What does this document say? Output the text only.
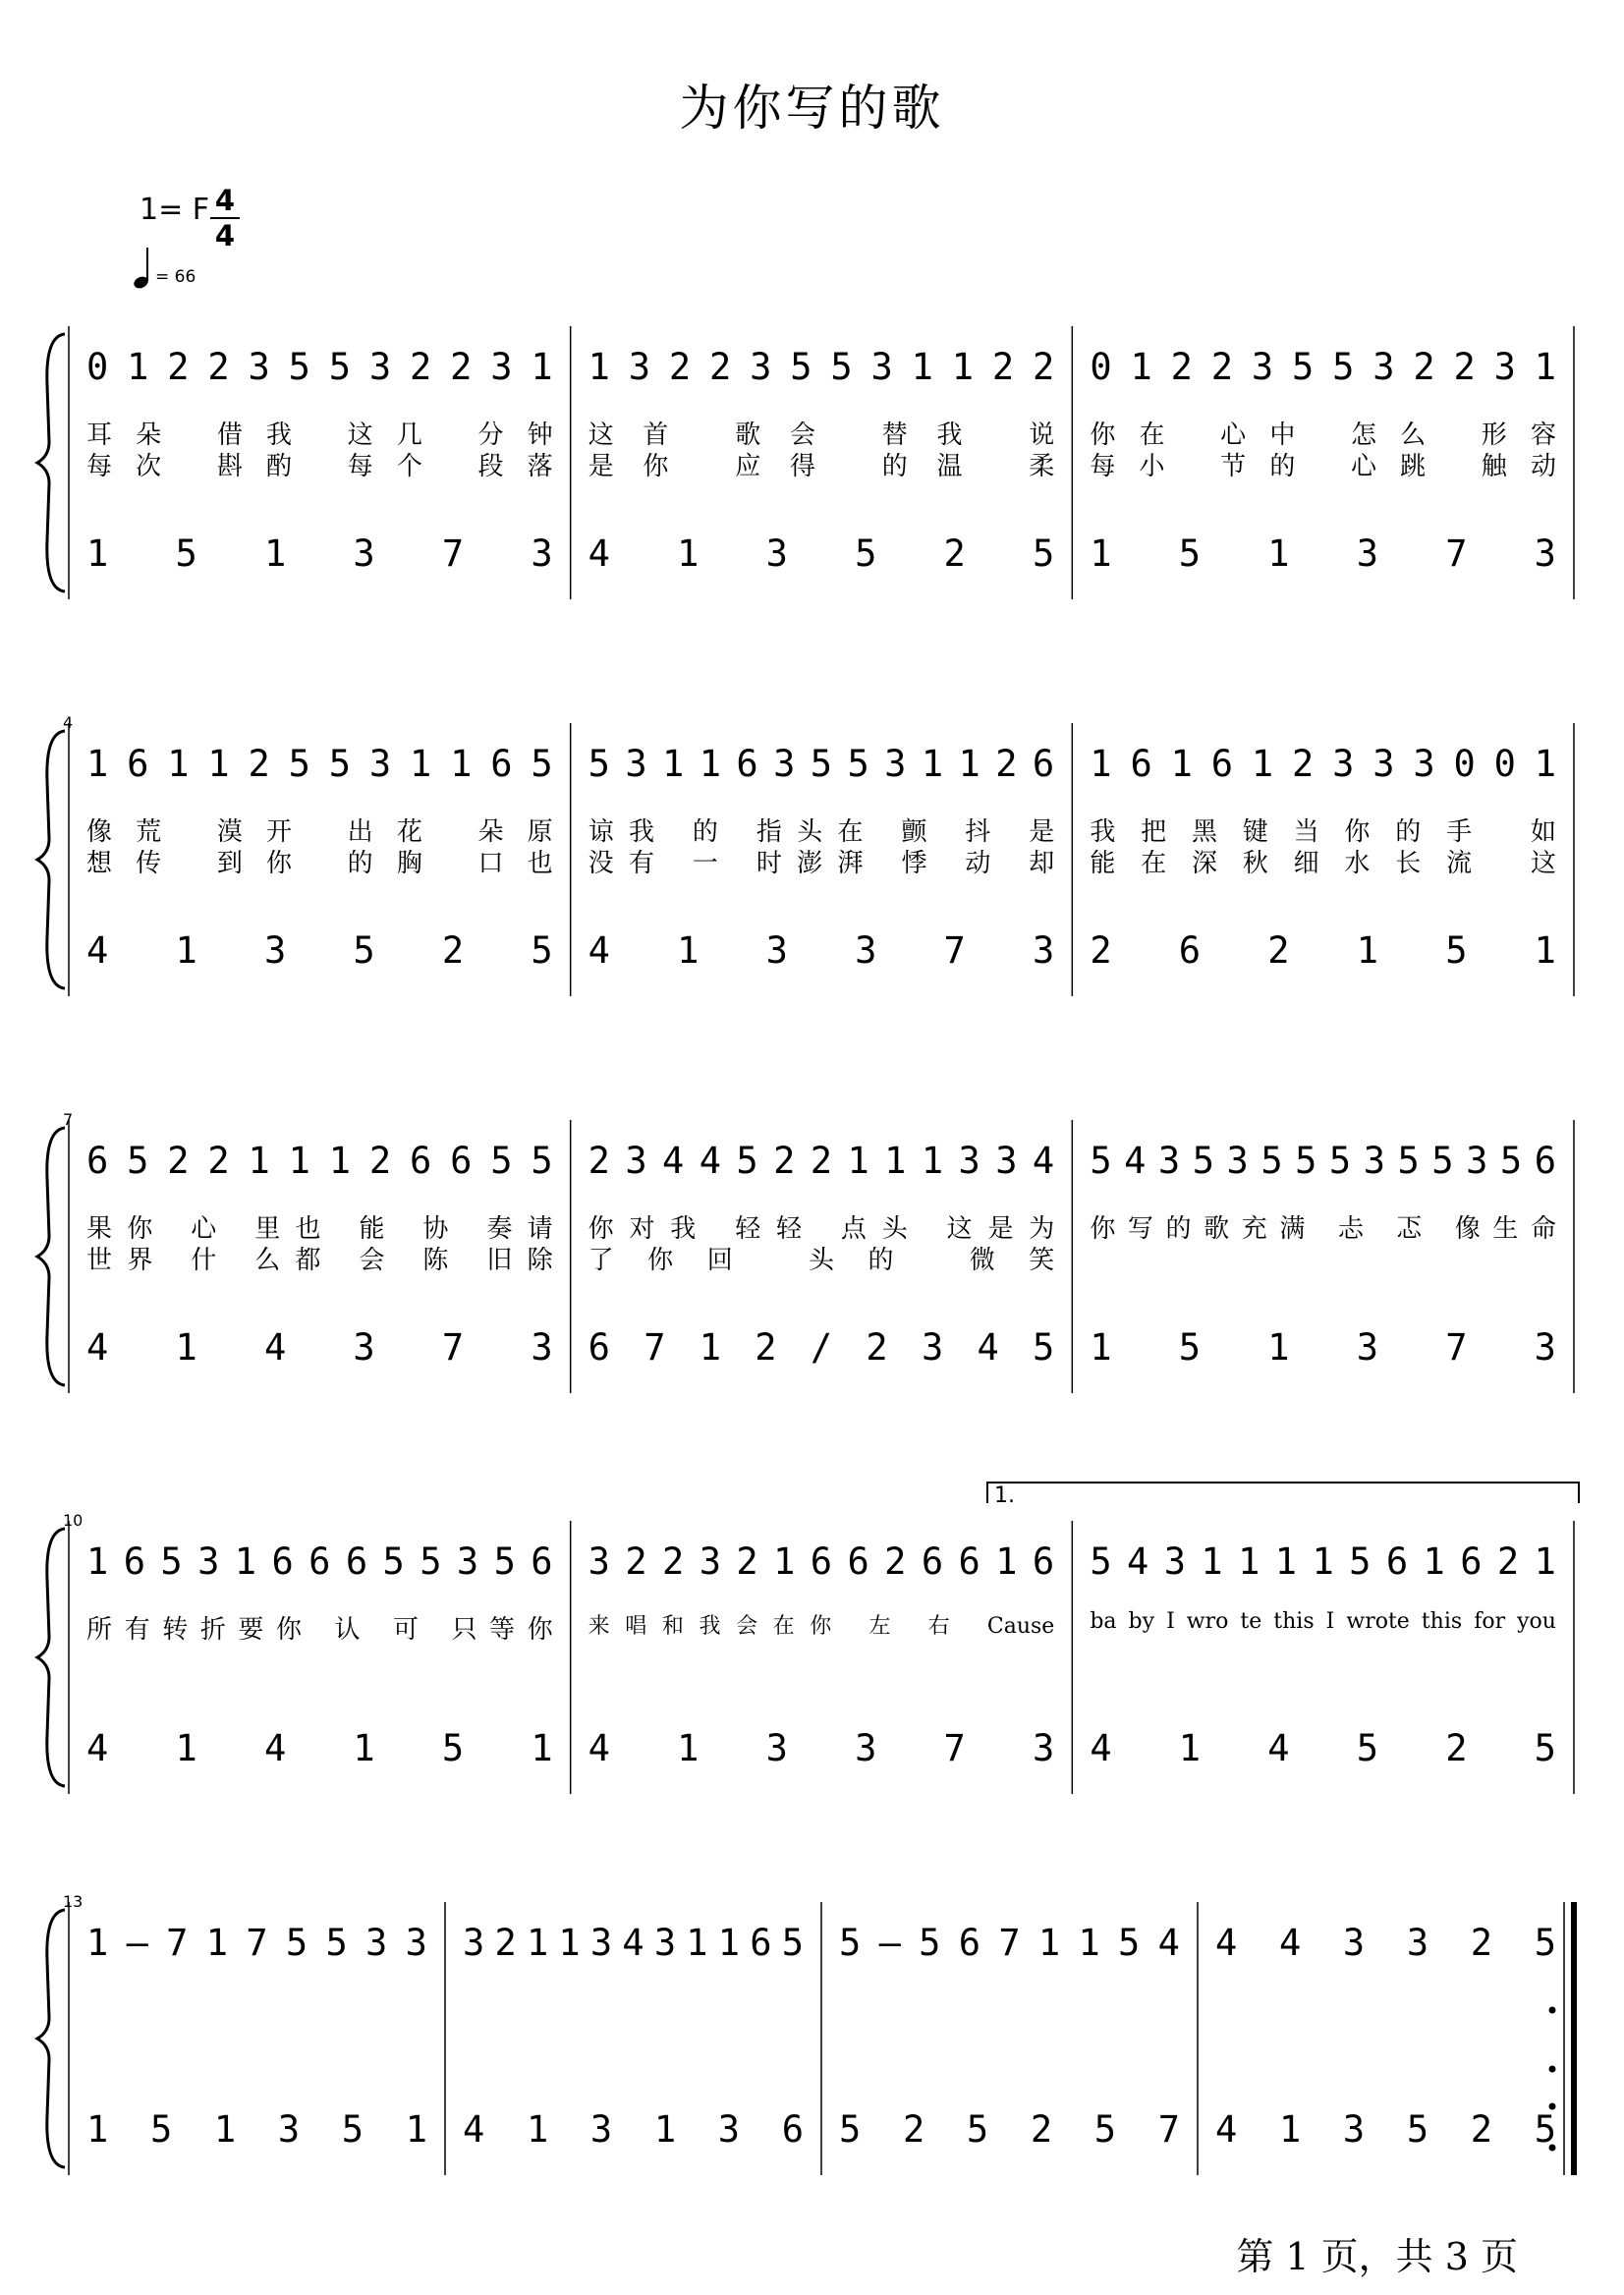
为你写的歌
1= F 4
4
= 66
0 1 2 2 3 5 5 3 2 2 3 1
耳朵 借我 这几 分钟
每次 斟酌 每个 段落
1 5 1 3 7 3
1 3 2 2 3 5 5 3 1 1 2 2
这首 歌会 替我 说
是你 应得 的温 柔
4 1 3 5 2 5
0 1 2 2 3 5 5 3 2 2 3 1
你在 心中 怎么 形容
每小 节的 心跳 触动
1 5 1 3 7 3
4
1 6 1 1 2 5 5 3 1 1 6 5
像荒 漠开 出花 朵原
想传 到你 的胸 口也
4 1 3 5 2 5
5 3 1 1 6 3 5 5 3 1 1 2 6
谅我 的 指头在 颤 抖 是
没有 一 时澎湃 悸 动 却
4 1 3 3 7 3
1 6 1 6 1 2 3 3 3 0 0 1
我把黑键当你的手 如
能在深秋细水长流 这
2 6 2 1 5 1
7
6 5 2 2 1 1 1 2 6 6 5 5
果你 心 里也 能 协 奏请
世界 什 么都 会 陈 旧除
4 1 4 3 7 3
2 3 4 4 5 2 2 1 1 1 3 3 4
你对我 轻轻 点头 这是为
了你回 头的 微笑
6 7 1 2 / 2 3 4 5
5 4 3 5 3 5 5 5 3 5 5 3 5 6
你写的歌充满 忐 忑 像生命
1 5 1 3 7 3
10
1 6 5 3 1 6 6 6 5 5 3 5 6
所有转折要你 认 可 只等你
4 1 4 1 5 1
3 2 2 3 2 1 6 6 2 6 6 1 6
来唱和我会在你 左 右 Cause
4 1 3 3 7 3
5 4 3 1 1 1 1 5 6 1 6 2 1
ba by I wro te this I wrote this for you
4 1 4 5 2 5
13
1 – 7 1 7 5 5 3 3
1 5 1 3 5 1
3 2 1 1 3 4 3 1 1 6 5
4 1 3 1 3 6
5 – 5 6 7 1 1 5 4
5 2 5 2 5 7
4 4 3 3 2 5
4 1 3 5 2 5
1.
第 1 页，共 3 页
